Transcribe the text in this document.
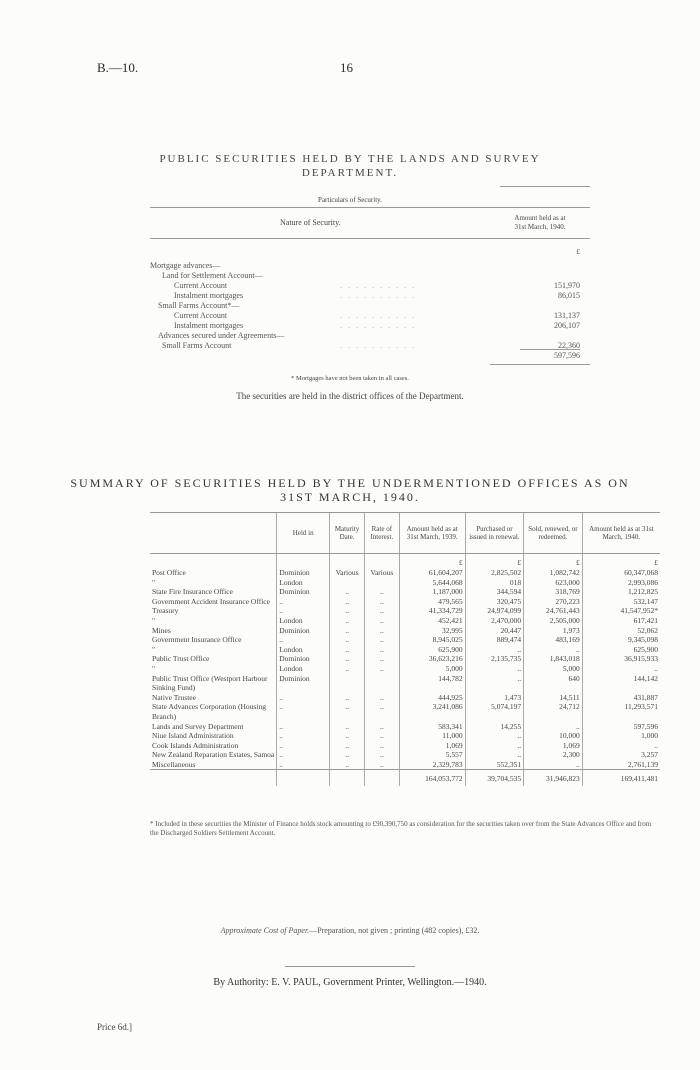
B.—10.	16
PUBLIC SECURITIES HELD BY THE LANDS AND SURVEY
DEPARTMENT.
Particulars of Security.
Nature of Security.	Amount held as at
31st March, 1940.
£
Mortgage advances—
Land for Settlement Account—
Current Account	..........	151,970
Instalment mortgages	..........	86,015
Small Farms Account*—
Current Account	..........	131,137
Instalment mortgages	..........	206,107
Advances secured under Agreements—
Small Farms Account	..........	22,360
597,596
* Mortgages have not been taken in all cases.
The securities are held in the district offices of the Department.
SUMMARY OF SECURITIES HELD BY THE UNDERMENTIONED OFFICES AS ON
31ST MARCH, 1940.
	Held in	Maturity Date.	Rate of Interest.	Amount held as at 31st March, 1939.	Purchased or issued in renewal.	Sold, renewed, or redeemed.	Amount held as at 31st March, 1940.
				£	£	£	£
Post Office	Dominion	Various	Various	61,604,207	2,825,502	1,082,742	60,347,068
"	London			5,644,068	018	623,000	2,993,086
State Fire Insurance Office	Dominion	..	..	1,187,000	344,594	318,769	1,212,825
Government Accident Insurance Office	..	..	..	479,565	320,475	270,223	532,147
Treasury	..	..	..	41,334,729	24,974,099	24,761,443	41,547,952*
"	London	..	..	452,421	2,470,000	2,505,000	617,421
Mines	Dominion	..	..	32,995	20,447	1,973	52,062
Government Insurance Office	..	..	..	8,945,025	889,474	483,169	9,345,098
"	London	..	..	625,900	..	..	625,900
Public Trust Office	Dominion	..	..	36,623,216	2,135,735	1,843,018	36,915,933
"	London	..	..	5,000	..	5,000	..
Public Trust Office (Westport Harbour	Dominion			144,782	..	640	144,142
Sinking Fund)							
Native Trustee	..	..	..	444,925	1,473	14,511	431,887
State Advances Corporation (Housing	..	..	..	3,241,086	5,074,197	24,712	11,293,571
Branch)							
Lands and Survey Department	..	..	..	583,341	14,255	..	597,596
Niue Island Administration	..	..	..	11,000	..	10,000	1,000
Cook Islands Administration	..	..	..	1,069	..	1,069	..
New Zealand Reparation Estates, Samoa	..	..	..	5,557	..	2,300	3,257
Miscellaneous	..	..	..	2,329,783	552,351	..	2,761,139
				164,053,772	39,704,535	31,946,823	169,411,481
* Included in these securities the Minister of Finance holds stock amounting to £90,390,750 as consideration for the securities taken over from the State Advances Office and from the Discharged Soldiers Settlement Account.
Approximate Cost of Paper.—Preparation, not given ; printing (482 copies), £32.
By Authority: E. V. PAUL, Government Printer, Wellington.—1940.
Price 6d.]
